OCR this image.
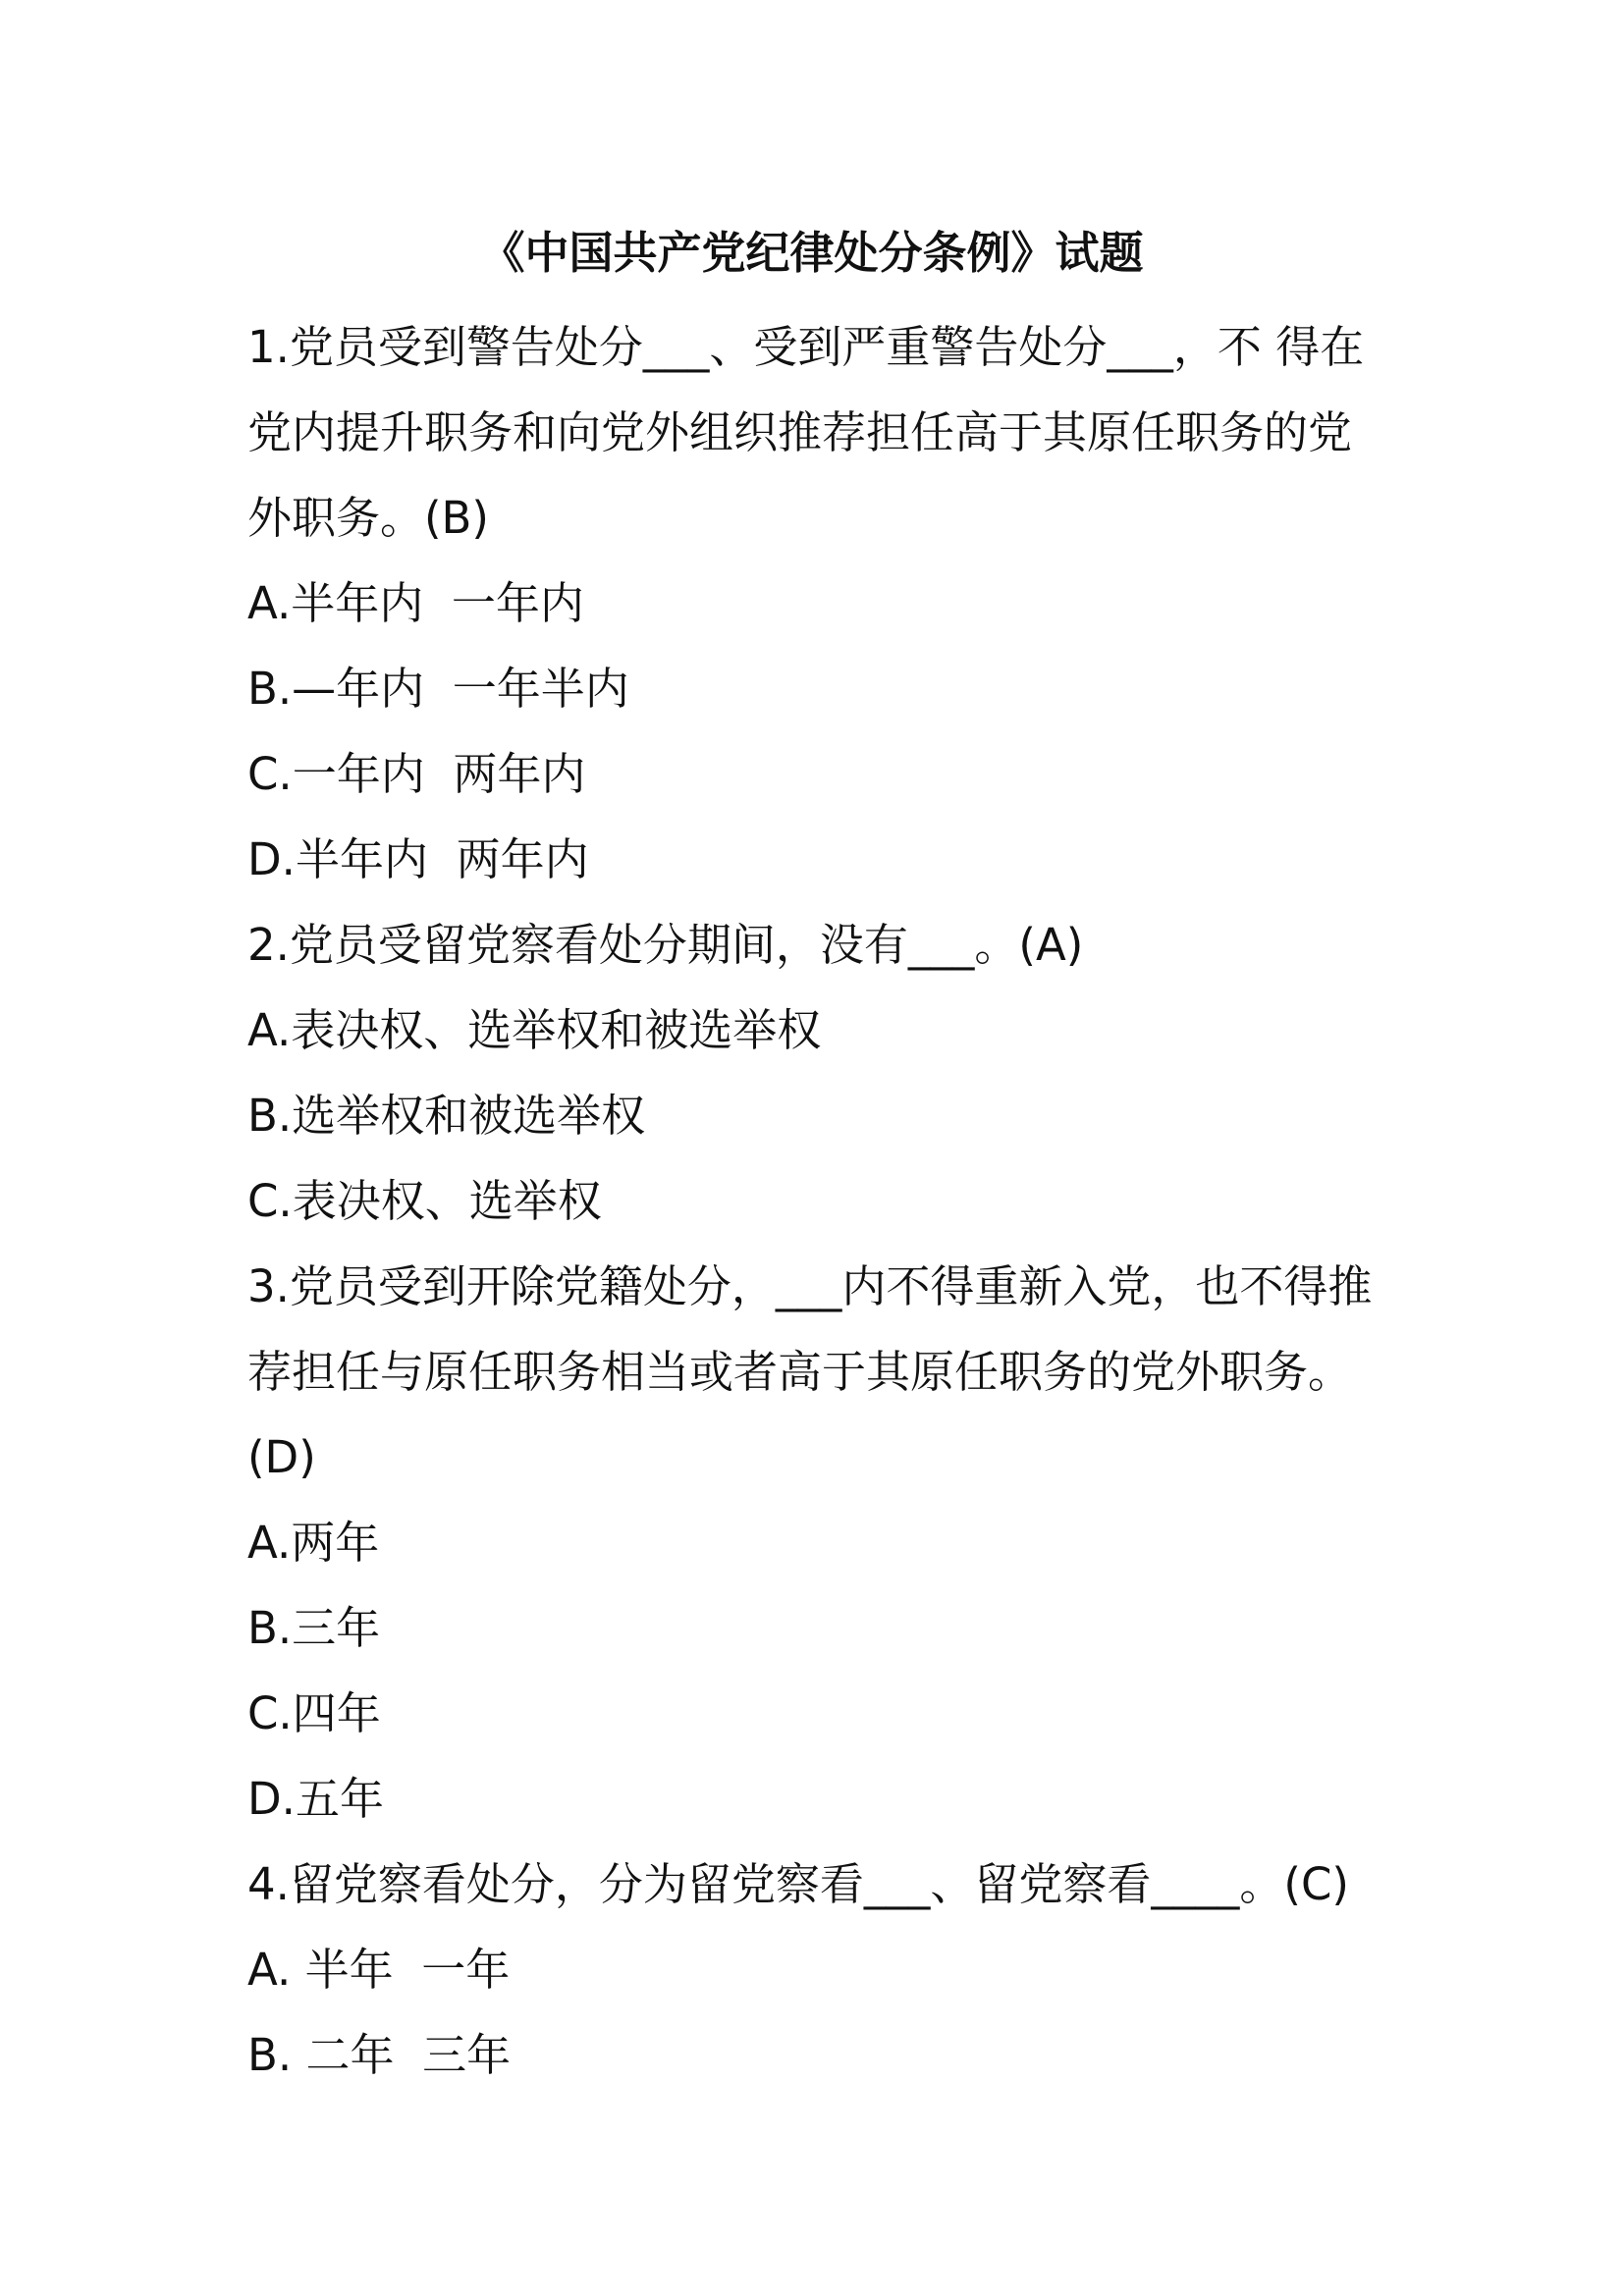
《中国共产党纪律处分条例》试题
1.党员受到警告处分___、受到严重警告处分___，不 得在
党内提升职务和向党外组织推荐担任高于其原任职务的党
外职务。(B)
A.半年内  一年内
B.—年内  一年半内
C.一年内  两年内
D.半年内  两年内
2.党员受留党察看处分期间，没有___。(A)
A.表决权、选举权和被选举权
B.选举权和被选举权
C.表决权、选举权
3.党员受到开除党籍处分，___内不得重新入党，也不得推
荐担任与原任职务相当或者高于其原任职务的党外职务。
(D)
A.两年
B.三年
C.四年
D.五年
4.留党察看处分，分为留党察看___、留党察看____。(C)
A. 半年  一年
B. 二年  三年
